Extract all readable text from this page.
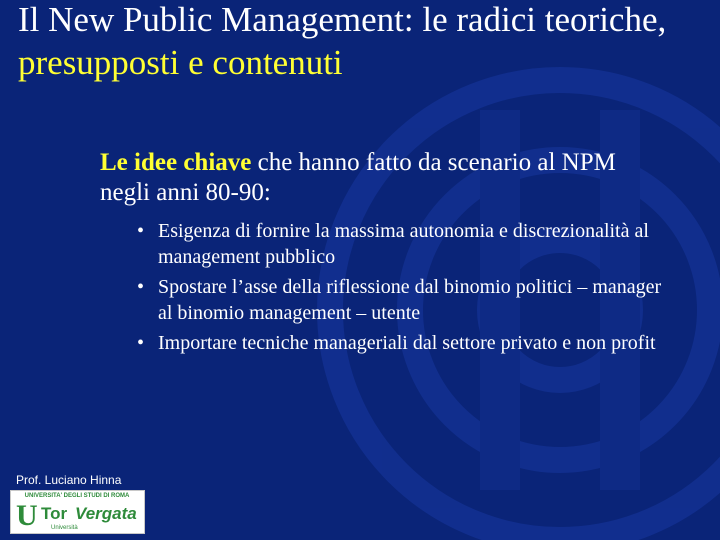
Il New Public Management: le radici teoriche, presupposti e contenuti
Le idee chiave che hanno fatto da scenario al NPM negli anni 80-90:
• Esigenza di fornire la massima autonomia e discrezionalità al management pubblico
• Spostare l’asse della riflessione dal binomio politici – manager al binomio management – utente
• Importare tecniche manageriali dal settore privato e non profit
Prof. Luciano Hinna
UNIVERSITA' DEGLI STUDI DI ROMA
U Tor Vergata
Università
